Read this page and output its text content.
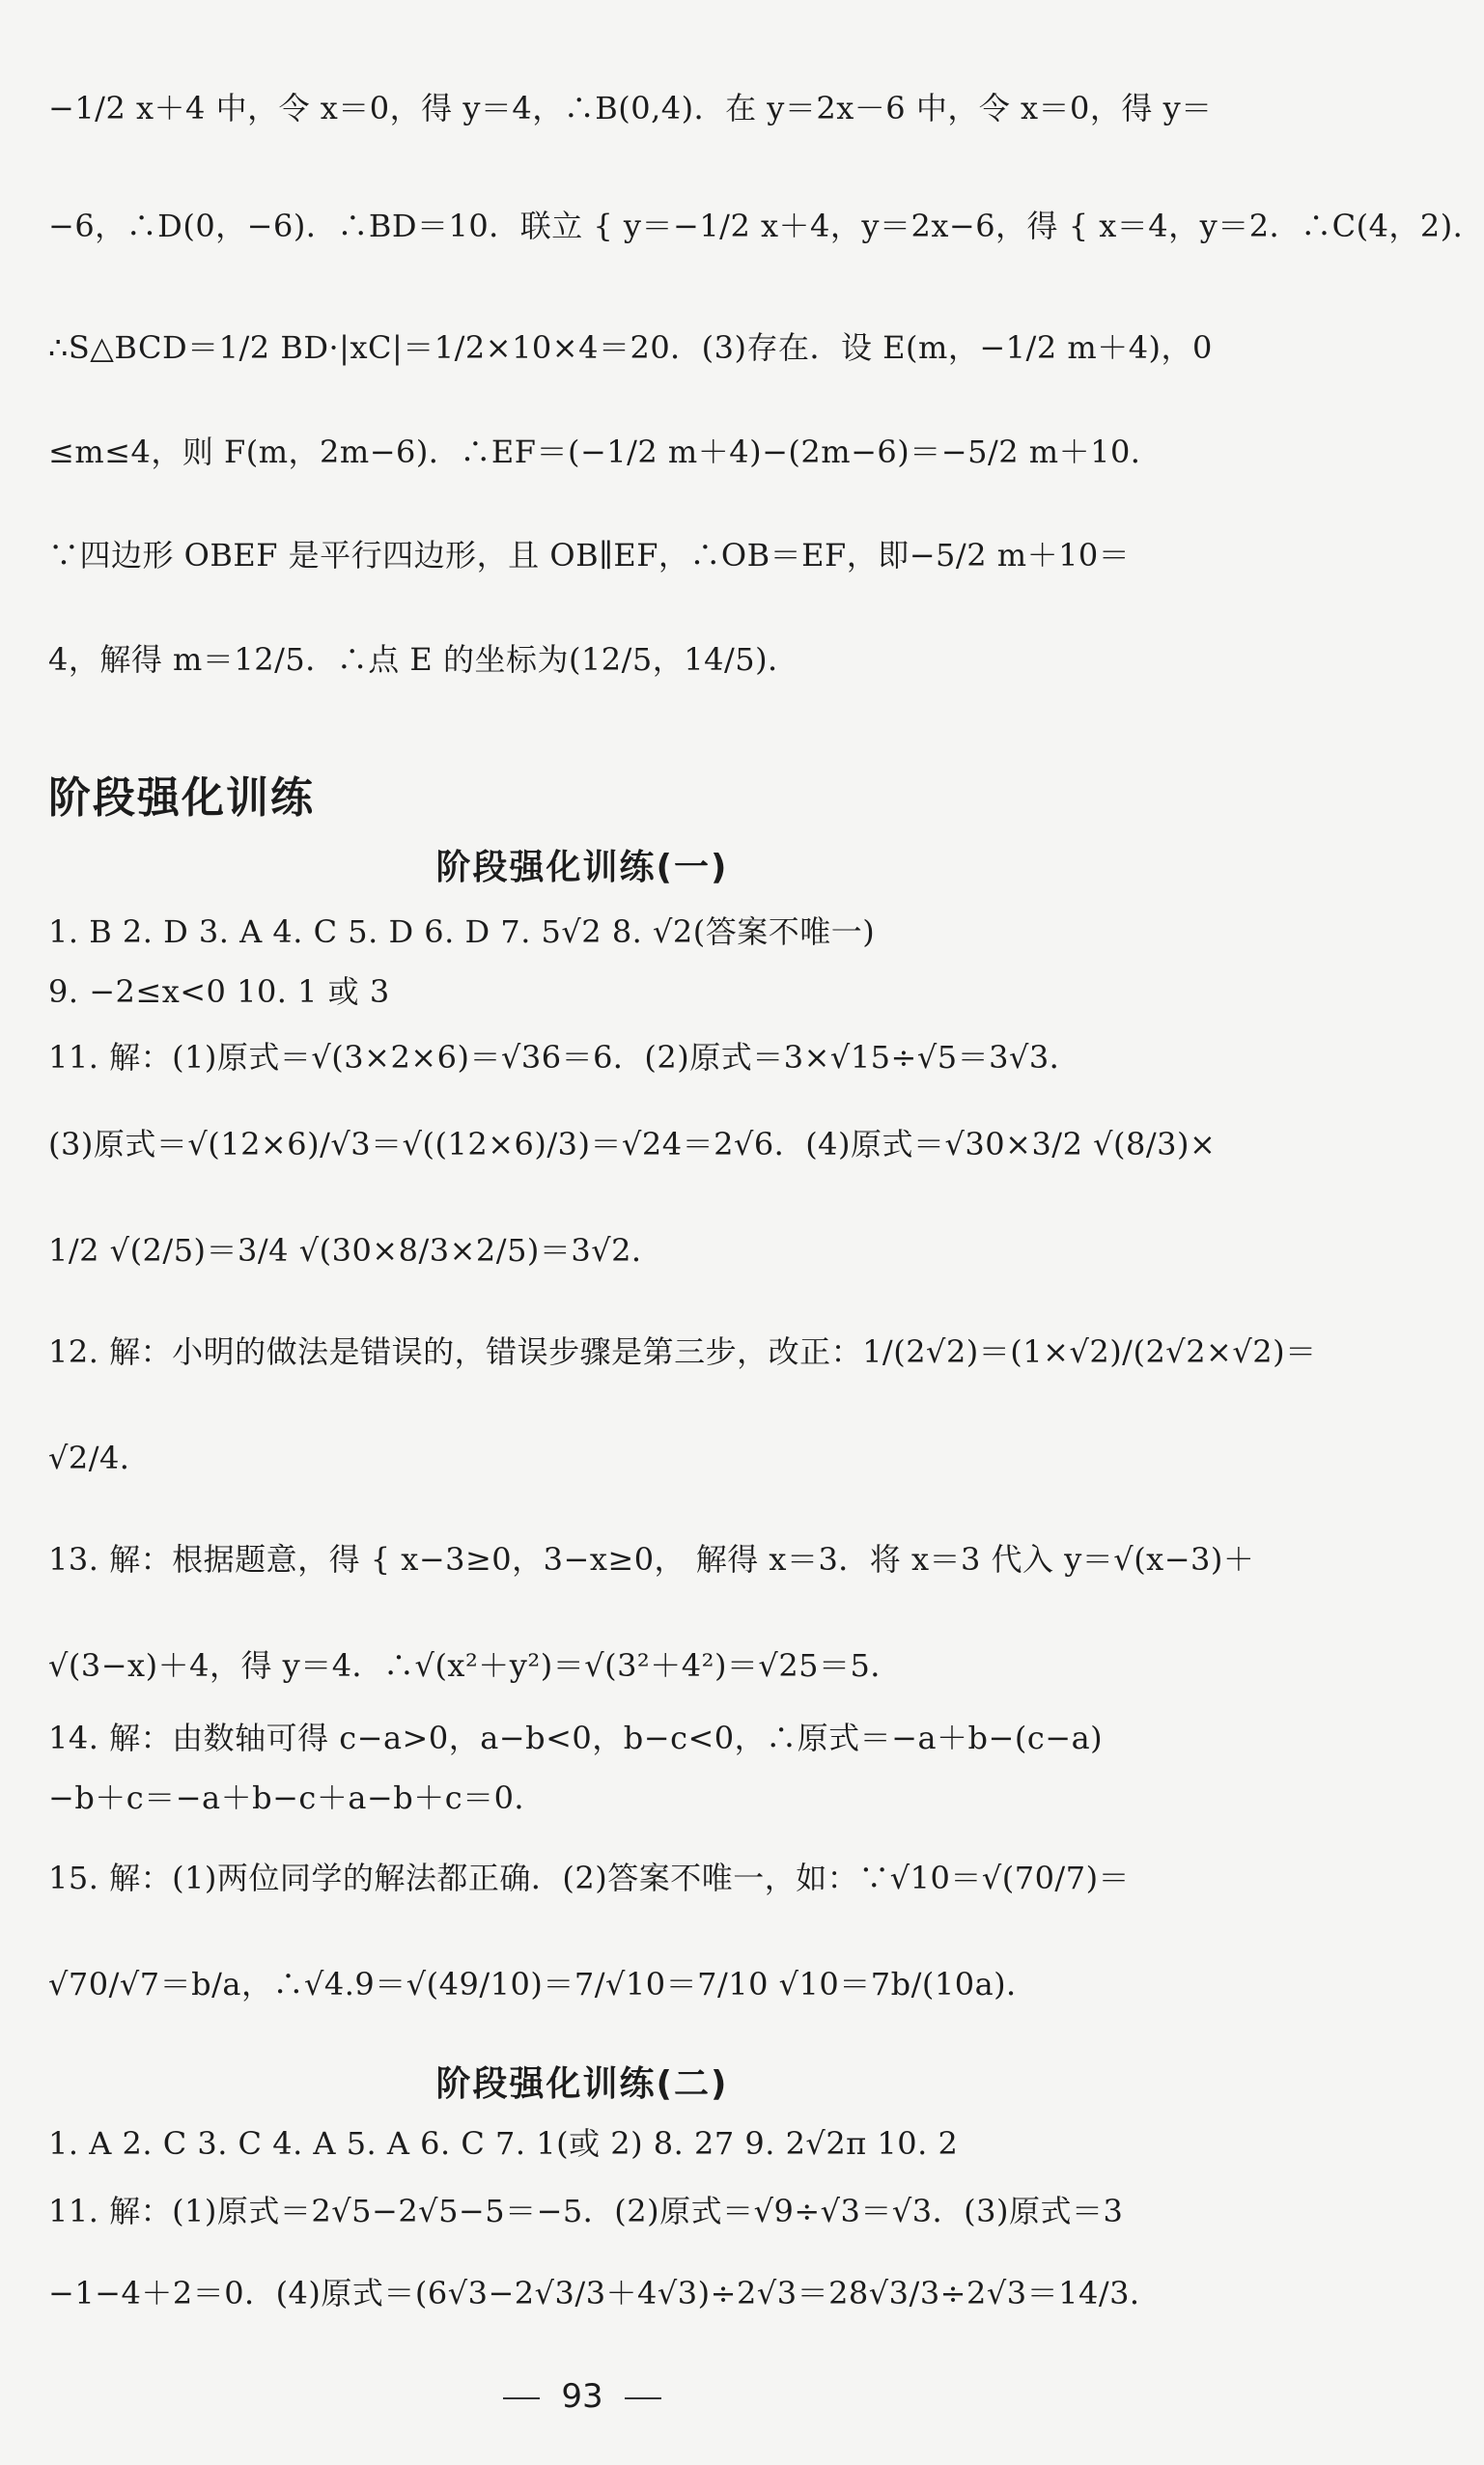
−1/2 x＋4 中，令 x＝0，得 y＝4，∴B(0,4)．在 y＝2x－6 中，令 x＝0，得 y＝
−6，∴D(0，−6)．∴BD＝10．联立 { y＝−1/2 x＋4，y＝2x−6，得 { x＝4，y＝2．∴C(4，2)．
∴S△BCD＝1/2 BD·|xC|＝1/2×10×4＝20．(3)存在．设 E(m，−1/2 m＋4)，0
≤m≤4，则 F(m，2m−6)．∴EF＝(−1/2 m＋4)−(2m−6)＝−5/2 m＋10．
∵四边形 OBEF 是平行四边形，且 OB∥EF，∴OB＝EF，即−5/2 m＋10＝
4，解得 m＝12/5．∴点 E 的坐标为(12/5，14/5)．
阶段强化训练
阶段强化训练(一)
1. B 2. D 3. A 4. C 5. D 6. D 7. 5√2 8. √2(答案不唯一)
9. −2≤x<0 10. 1 或 3
11. 解：(1)原式＝√(3×2×6)＝√36＝6．(2)原式＝3×√15÷√5＝3√3．
(3)原式＝√(12×6)/√3＝√((12×6)/3)＝√24＝2√6．(4)原式＝√30×3/2 √(8/3)×
1/2 √(2/5)＝3/4 √(30×8/3×2/5)＝3√2．
12. 解：小明的做法是错误的，错误步骤是第三步，改正：1/(2√2)＝(1×√2)/(2√2×√2)＝
√2/4．
13. 解：根据题意，得 { x−3≥0，3−x≥0， 解得 x＝3．将 x＝3 代入 y＝√(x−3)＋
√(3−x)＋4，得 y＝4．∴√(x²＋y²)＝√(3²＋4²)＝√25＝5．
14. 解：由数轴可得 c−a>0，a−b<0，b−c<0，∴原式＝−a＋b−(c−a)
−b＋c＝−a＋b−c＋a−b＋c＝0．
15. 解：(1)两位同学的解法都正确．(2)答案不唯一，如：∵√10＝√(70/7)＝
√70/√7＝b/a，∴√4.9＝√(49/10)＝7/√10＝7/10 √10＝7b/(10a)．
阶段强化训练(二)
1. A 2. C 3. C 4. A 5. A 6. C 7. 1(或 2) 8. 27 9. 2√2π 10. 2
11. 解：(1)原式＝2√5−2√5−5＝−5．(2)原式＝√9÷√3＝√3．(3)原式＝3
−1−4＋2＝0．(4)原式＝(6√3−2√3/3＋4√3)÷2√3＝28√3/3÷2√3＝14/3．
93
